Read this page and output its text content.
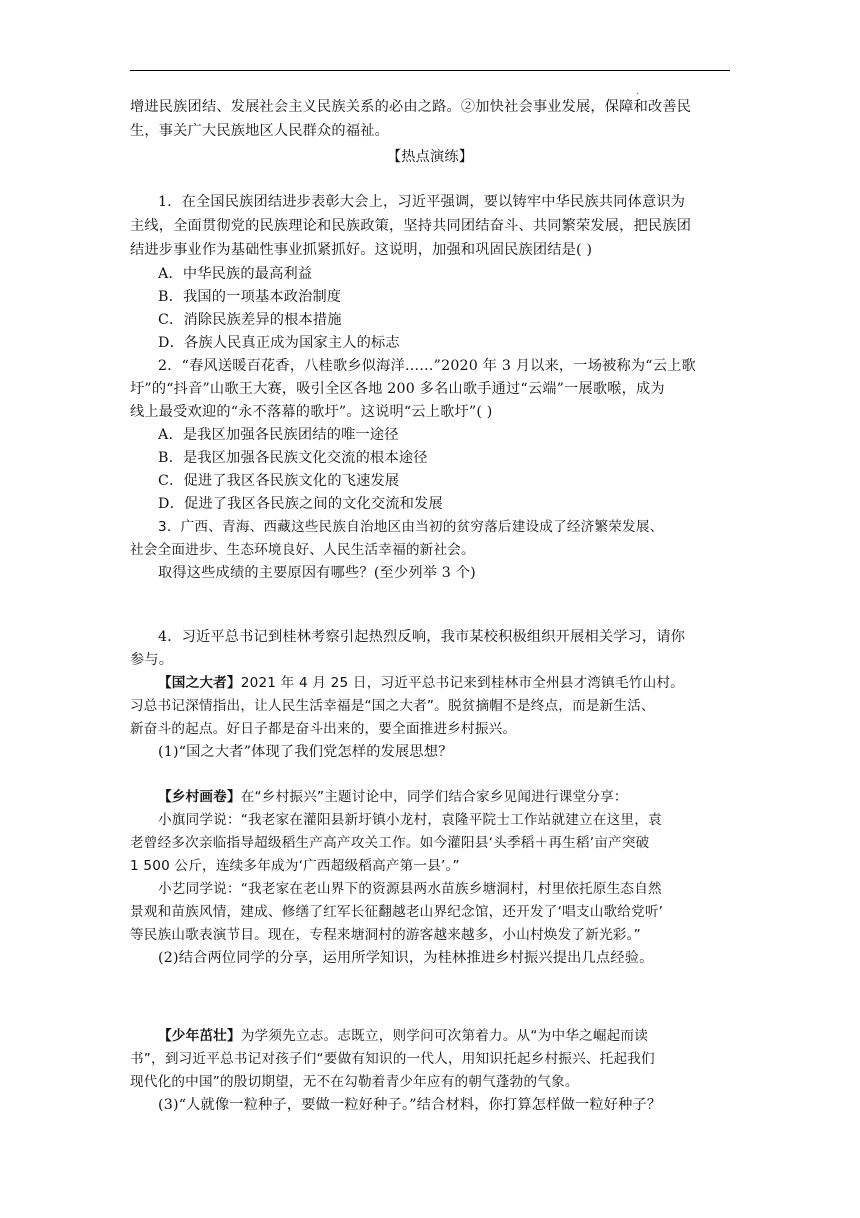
.
增进民族团结、发展社会主义民族关系的必由之路。②加快社会事业发展，保障和改善民
生，事关广大民族地区人民群众的福祉。
【热点演练】
1．在全国民族团结进步表彰大会上，习近平强调，要以铸牢中华民族共同体意识为
主线，全面贯彻党的民族理论和民族政策，坚持共同团结奋斗、共同繁荣发展，把民族团
结进步事业作为基础性事业抓紧抓好。这说明，加强和巩固民族团结是( )
A．中华民族的最高利益
B．我国的一项基本政治制度
C．消除民族差异的根本措施
D．各族人民真正成为国家主人的标志
2．“春风送暖百花香，八桂歌乡似海洋……”2020 年 3 月以来，一场被称为“云上歌
圩”的“抖音”山歌王大赛，吸引全区各地 200 多名山歌手通过“云端”一展歌喉，成为
线上最受欢迎的“永不落幕的歌圩”。这说明“云上歌圩”( )
A．是我区加强各民族团结的唯一途径
B．是我区加强各民族文化交流的根本途径
C．促进了我区各民族文化的飞速发展
D．促进了我区各民族之间的文化交流和发展
3．广西、青海、西藏这些民族自治地区由当初的贫穷落后建设成了经济繁荣发展、
社会全面进步、生态环境良好、人民生活幸福的新社会。
取得这些成绩的主要原因有哪些？(至少列举 3 个)
4．习近平总书记到桂林考察引起热烈反响，我市某校积极组织开展相关学习，请你
参与。
【国之大者】2021 年 4 月 25 日，习近平总书记来到桂林市全州县才湾镇毛竹山村。
习总书记深情指出，让人民生活幸福是“国之大者”。脱贫摘帽不是终点，而是新生活、
新奋斗的起点。好日子都是奋斗出来的，要全面推进乡村振兴。
(1)“国之大者”体现了我们党怎样的发展思想？
【乡村画卷】在“乡村振兴”主题讨论中，同学们结合家乡见闻进行课堂分享：
小旗同学说：“我老家在灌阳县新圩镇小龙村，袁隆平院士工作站就建立在这里，袁
老曾经多次亲临指导超级稻生产高产攻关工作。如今灌阳县‘头季稻＋再生稻’亩产突破
1 500 公斤，连续多年成为‘广西超级稻高产第一县’。”
小艺同学说：“我老家在老山界下的资源县两水苗族乡塘洞村，村里依托原生态自然
景观和苗族风情，建成、修缮了红军长征翻越老山界纪念馆，还开发了‘唱支山歌给党听’
等民族山歌表演节目。现在，专程来塘洞村的游客越来越多，小山村焕发了新光彩。”
(2)结合两位同学的分享，运用所学知识，为桂林推进乡村振兴提出几点经验。
【少年茁壮】为学须先立志。志既立，则学问可次第着力。从“为中华之崛起而读
书”，到习近平总书记对孩子们“要做有知识的一代人，用知识托起乡村振兴、托起我们
现代化的中国”的殷切期望，无不在勾勒着青少年应有的朝气蓬勃的气象。
(3)“人就像一粒种子，要做一粒好种子。”结合材料，你打算怎样做一粒好种子？
